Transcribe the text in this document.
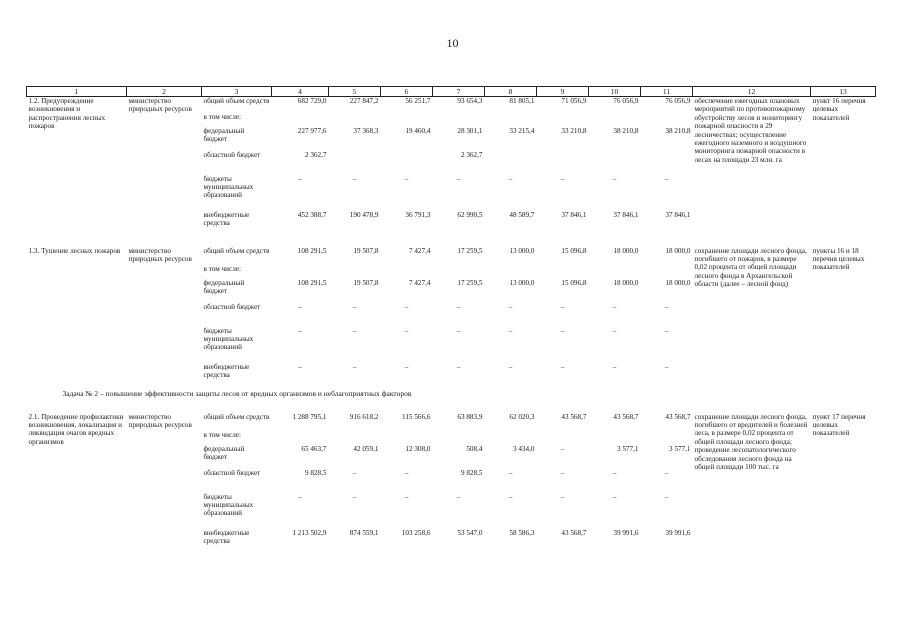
10
1	2	3	4	5	6	7	8	9	10	11	12	13
1.2. Предупреждение возникновения и распространения лесных пожаров	министерство природных ресурсов	общий объем средств	682 729,0	227 847,2	56 251,7	93 654,3	81 805,1	71 056,9	76 056,9	76 056,9	обеспечение ежегодных плановых мероприятий по противопожарному обустройству лесов и мониторингу пожарной опасности в 29 лесничествах; осуществление ежегодного наземного и воздушного мониторинга пожарной опасности в лесах на площади 23 млн. га	пункт 16 перечня целевых показателей
		в том числе:										
		федеральный бюджет	227 977,6	37 368,3	19 460,4	28 301,1	33 215,4	33 210,8	38 210,8	38 210,8		
		областной бюджет	2 362,7			2 362,7						
		бюджеты муниципальных образований	–	–	–	–	–	–	–	–		
		внебюджетные средства	452 388,7	190 478,9	36 791,3	62 990,5	48 589,7	37 846,1	37 846,1	37 846,1		

1.3. Тушение лесных пожаров	министерство природных ресурсов	общий объем средств	108 291,5	19 507,8	7 427,4	17 259,5	13 000,0	15 096,8	18 000,0	18 000,0	сохранение площади лесного фонда, погибшего от пожаров, в размере 0,02 процента от общей площади лесного фонда в Архангельской области (далее – лесной фонд)	пункты 16 и 18 перечня целевых показателей
		в том числе:										
		федеральный бюджет	108 291,5	19 507,8	7 427,4	17 259,5	13 000,0	15 096,8	18 000,0	18 000,0		
		областной бюджет	–	–	–	–	–	–	–	–		
		бюджеты муниципальных образований	–	–	–	–	–	–	–	–		
		внебюджетные средства	–	–	–	–	–	–	–	–		
Задача № 2 – повышение эффективности защиты лесов от вредных организмов и неблагоприятных факторов												

2.1. Проведение профилактики возникновения, локализация и ликвидация очагов вредных организмов	министерство природных ресурсов	общий объем средств	1 288 795,1	916 618,2	115 566,6	63 883,9	62 020,3	43 568,7	43 568,7	43 568,7	сохранение площади лесного фонда, погибшего от вредителей и болезней леса, в размере 0,02 процента от общей площади лесного фонда; проведение лесопатологического обследования лесного фонда на общей площади 100 тыс. га	пункт 17 перечня целевых показателей
		в том числе:										
		федеральный бюджет	65 463,7	42 059,1	12 308,0	508,4	3 434,0	–	3 577,1	3 577,1		
		областной бюджет	9 828,5	–	–	9 828,5	–	–	–	–		
		бюджеты муниципальных образований	–	–	–	–	–	–	–	–		
		внебюджетные средства	1 213 502,9	874 559,1	103 258,6	53 547,0	58 586,3	43 568,7	39 991,6	39 991,6		
